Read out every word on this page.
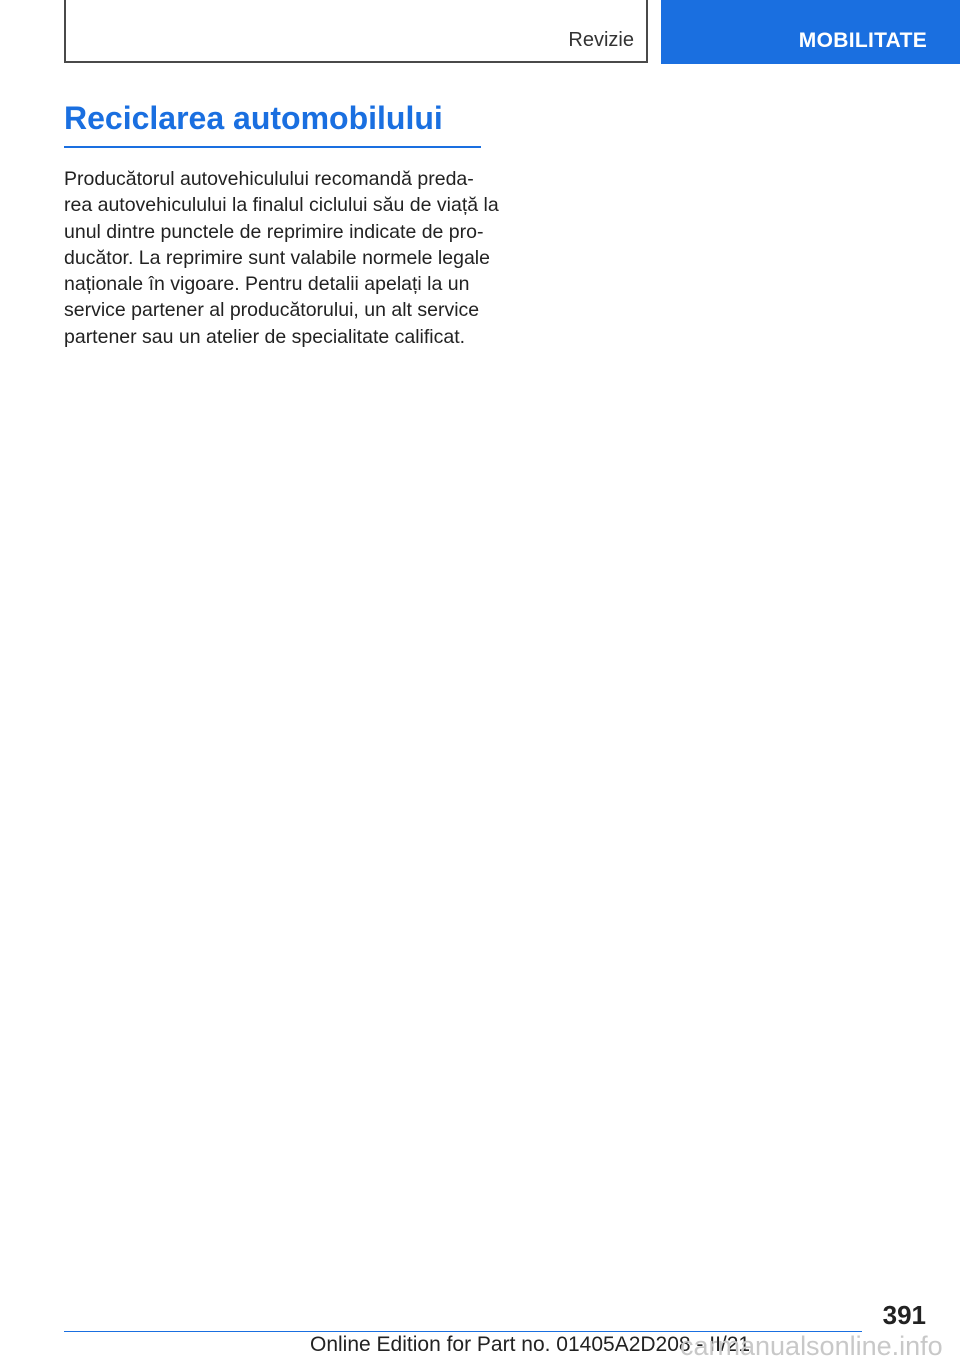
Revizie	MOBILITATE
Reciclarea automobilului

Producătorul autovehiculului recomandă preda‐
rea autovehiculului la finalul ciclului său de viață la
unul dintre punctele de reprimire indicate de pro‐
ducător. La reprimire sunt valabile normele legale
naționale în vigoare. Pentru detalii apelați la un
service partener al producătorului, un alt service
partener sau un atelier de specialitate calificat.

391
Online Edition for Part no. 01405A2D208 - II/21
carmanualsonline.info
